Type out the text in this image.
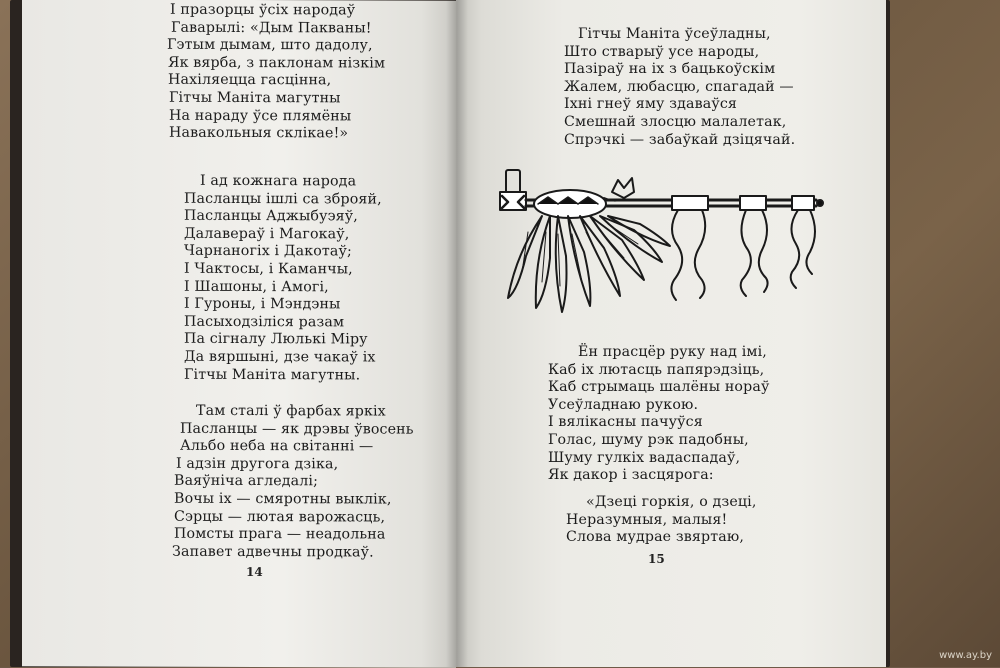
І празорцы ўсіх народаў
Гаварылі: «Дым Пакваны!
Гэтым дымам, што дадолу,
Як вярба, з паклонам нізкім
Нахіляецца гасцінна,
Гітчы Маніта магутны
На нараду ўсе плямёны
Навакольныя склікае!»
І ад кожнага народа
Пасланцы ішлі са зброяй,
Пасланцы Аджыбуэяў,
Далавераў і Магокаў,
Чарнаногіх і Дакотаў;
І Чактосы, і Каманчы,
І Шашоны, і Амогі,
І Гуроны, і Мэндэны
Пасыходзіліся разам
Па сігналу Люлькі Міру
Да вяршыні, дзе чакаў іх
Гітчы Маніта магутны.
Там сталі ў фарбах яркіх
Пасланцы — як дрэвы ўвосень
Альбо неба на світанні —
І адзін другога дзіка,
Ваяўніча агледалі;
Вочы іх — смяротны выклік,
Сэрцы — лютая варожасць,
Помсты прага — неадольна
Запавет адвечны продкаў.
14
Гітчы Маніта ўсеўладны,
Што стварыў усе народы,
Пазіраў на іх з бацькоўскім
Жалем, любасцю, спагадай —
Іхні гнеў яму здаваўся
Смешнай злосцю малалетак,
Спрэчкі — забаўкай дзіцячай.
Ён прасцёр руку над імі,
Каб іх лютасць папярэдзіць,
Каб стрымаць шалёны нораў
Усеўладнаю рукою.
І вялікасны пачуўся
Голас, шуму рэк падобны,
Шуму гулкіх вадаспадаў,
Як дакор і засцярога:
«Дзеці горкія, о дзеці,
Неразумныя, малыя!
Слова мудрае звяртаю,
15
www.ay.by
